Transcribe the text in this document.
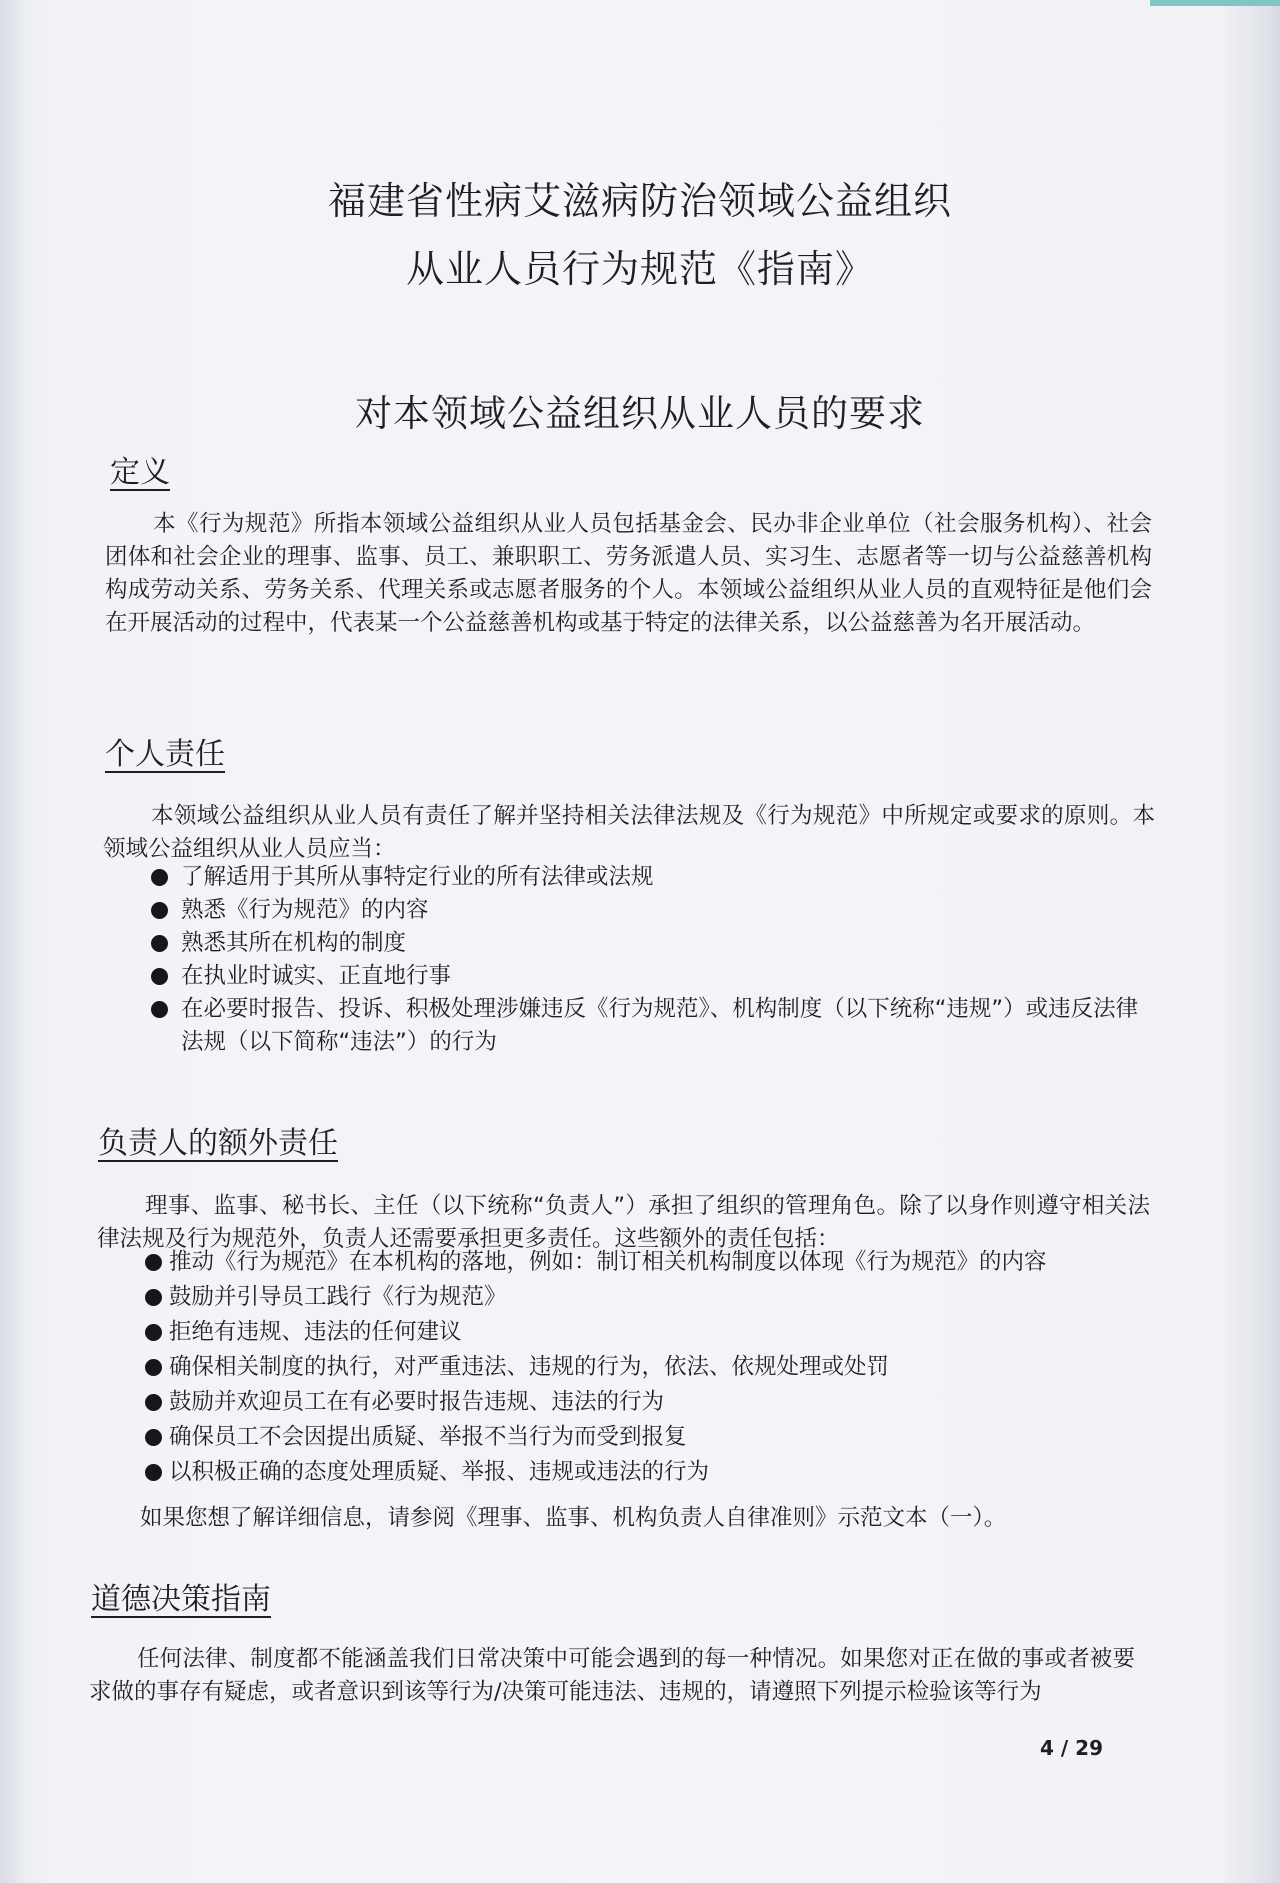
福建省性病艾滋病防治领域公益组织
从业人员行为规范《指南》
对本领域公益组织从业人员的要求
定义
本《行为规范》所指本领域公益组织从业人员包括基金会、民办非企业单位（社会服务机构）、社会团体和社会企业的理事、监事、员工、兼职职工、劳务派遣人员、实习生、志愿者等一切与公益慈善机构构成劳动关系、劳务关系、代理关系或志愿者服务的个人。本领域公益组织从业人员的直观特征是他们会在开展活动的过程中，代表某一个公益慈善机构或基于特定的法律关系，以公益慈善为名开展活动。
个人责任
本领域公益组织从业人员有责任了解并坚持相关法律法规及《行为规范》中所规定或要求的原则。本领域公益组织从业人员应当：
了解适用于其所从事特定行业的所有法律或法规
熟悉《行为规范》的内容
熟悉其所在机构的制度
在执业时诚实、正直地行事
在必要时报告、投诉、积极处理涉嫌违反《行为规范》、机构制度（以下统称“违规”）或违反法律法规（以下简称“违法”）的行为
负责人的额外责任
理事、监事、秘书长、主任（以下统称“负责人”）承担了组织的管理角色。除了以身作则遵守相关法律法规及行为规范外，负责人还需要承担更多责任。这些额外的责任包括：
推动《行为规范》在本机构的落地，例如：制订相关机构制度以体现《行为规范》的内容
鼓励并引导员工践行《行为规范》
拒绝有违规、违法的任何建议
确保相关制度的执行，对严重违法、违规的行为，依法、依规处理或处罚
鼓励并欢迎员工在有必要时报告违规、违法的行为
确保员工不会因提出质疑、举报不当行为而受到报复
以积极正确的态度处理质疑、举报、违规或违法的行为
如果您想了解详细信息，请参阅《理事、监事、机构负责人自律准则》示范文本（一）。
道德决策指南
任何法律、制度都不能涵盖我们日常决策中可能会遇到的每一种情况。如果您对正在做的事或者被要求做的事存有疑虑，或者意识到该等行为/决策可能违法、违规的，请遵照下列提示检验该等行为
4 / 29
